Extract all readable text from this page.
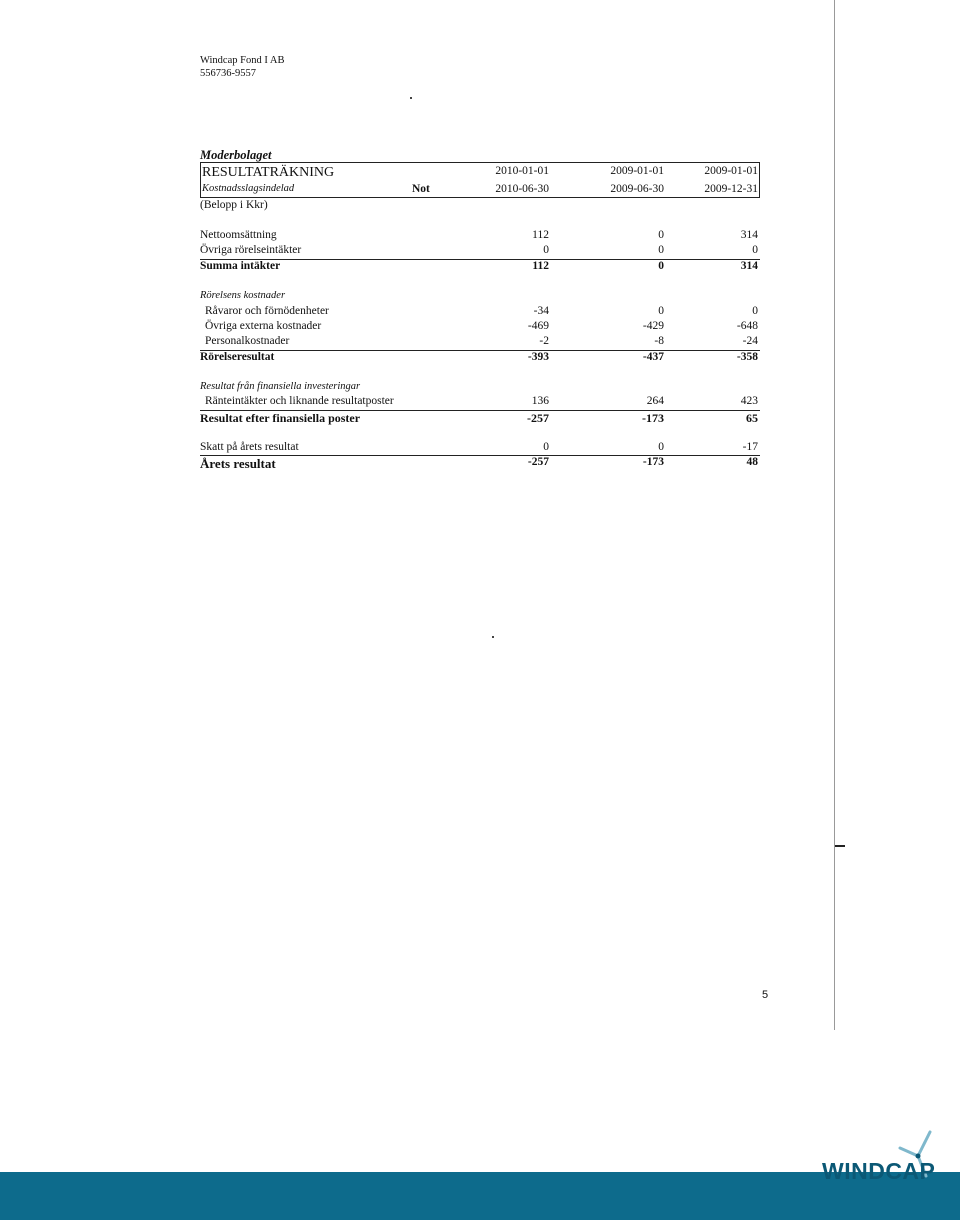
Windcap Fond I AB
556736-9557
Moderbolaget
RESULTATRÄKNING	2010-01-01	2009-01-01	2009-01-01
Kostnadsslagsindelad	Not	2010-06-30	2009-06-30	2009-12-31
(Belopp i Kkr)
Nettoomsättning	112	0	314
Övriga rörelseintäkter	0	0	0
Summa intäkter	112	0	314
Rörelsens kostnader
Råvaror och förnödenheter	-34	0	0
Övriga externa kostnader	-469	-429	-648
Personalkostnader	-2	-8	-24
Rörelseresultat	-393	-437	-358
Resultat från finansiella investeringar
Ränteintäkter och liknande resultatposter	136	264	423
Resultat efter finansiella poster	-257	-173	65
Skatt på årets resultat	0	0	-17
Årets resultat	-257	-173	48
5
WINDCAP
